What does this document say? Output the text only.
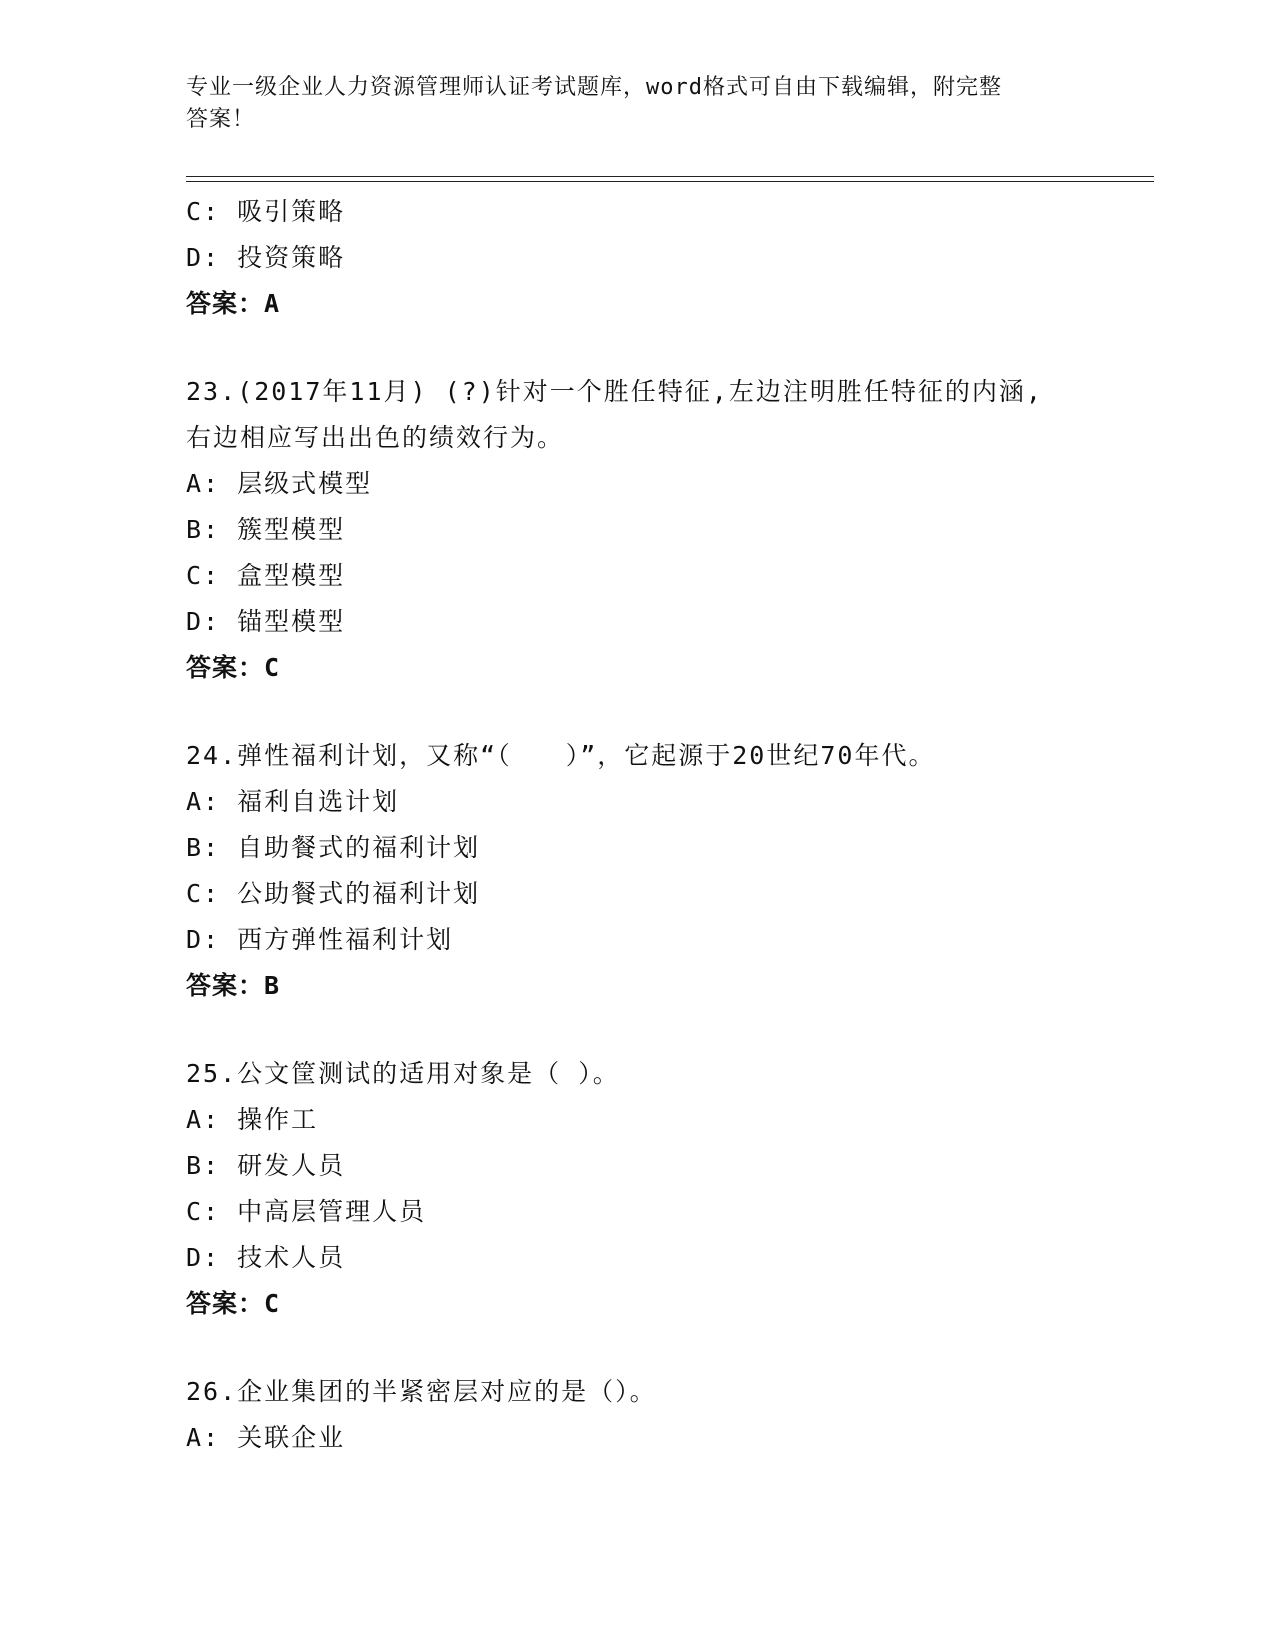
专业一级企业人力资源管理师认证考试题库，word格式可自由下载编辑，附完整
答案！
C: 吸引策略
D: 投资策略
答案：A
23.(2017年11月) (?)针对一个胜任特征,左边注明胜任特征的内涵,
右边相应写出出色的绩效行为。
A: 层级式模型
B: 簇型模型
C: 盒型模型
D: 锚型模型
答案：C
24.弹性福利计划，又称“（　　）”，它起源于20世纪70年代。
A: 福利自选计划
B: 自助餐式的福利计划
C: 公助餐式的福利计划
D: 西方弹性福利计划
答案：B
25.公文筐测试的适用对象是（ ）。
A: 操作工
B: 研发人员
C: 中高层管理人员
D: 技术人员
答案：C
26.企业集团的半紧密层对应的是（）。
A: 关联企业
